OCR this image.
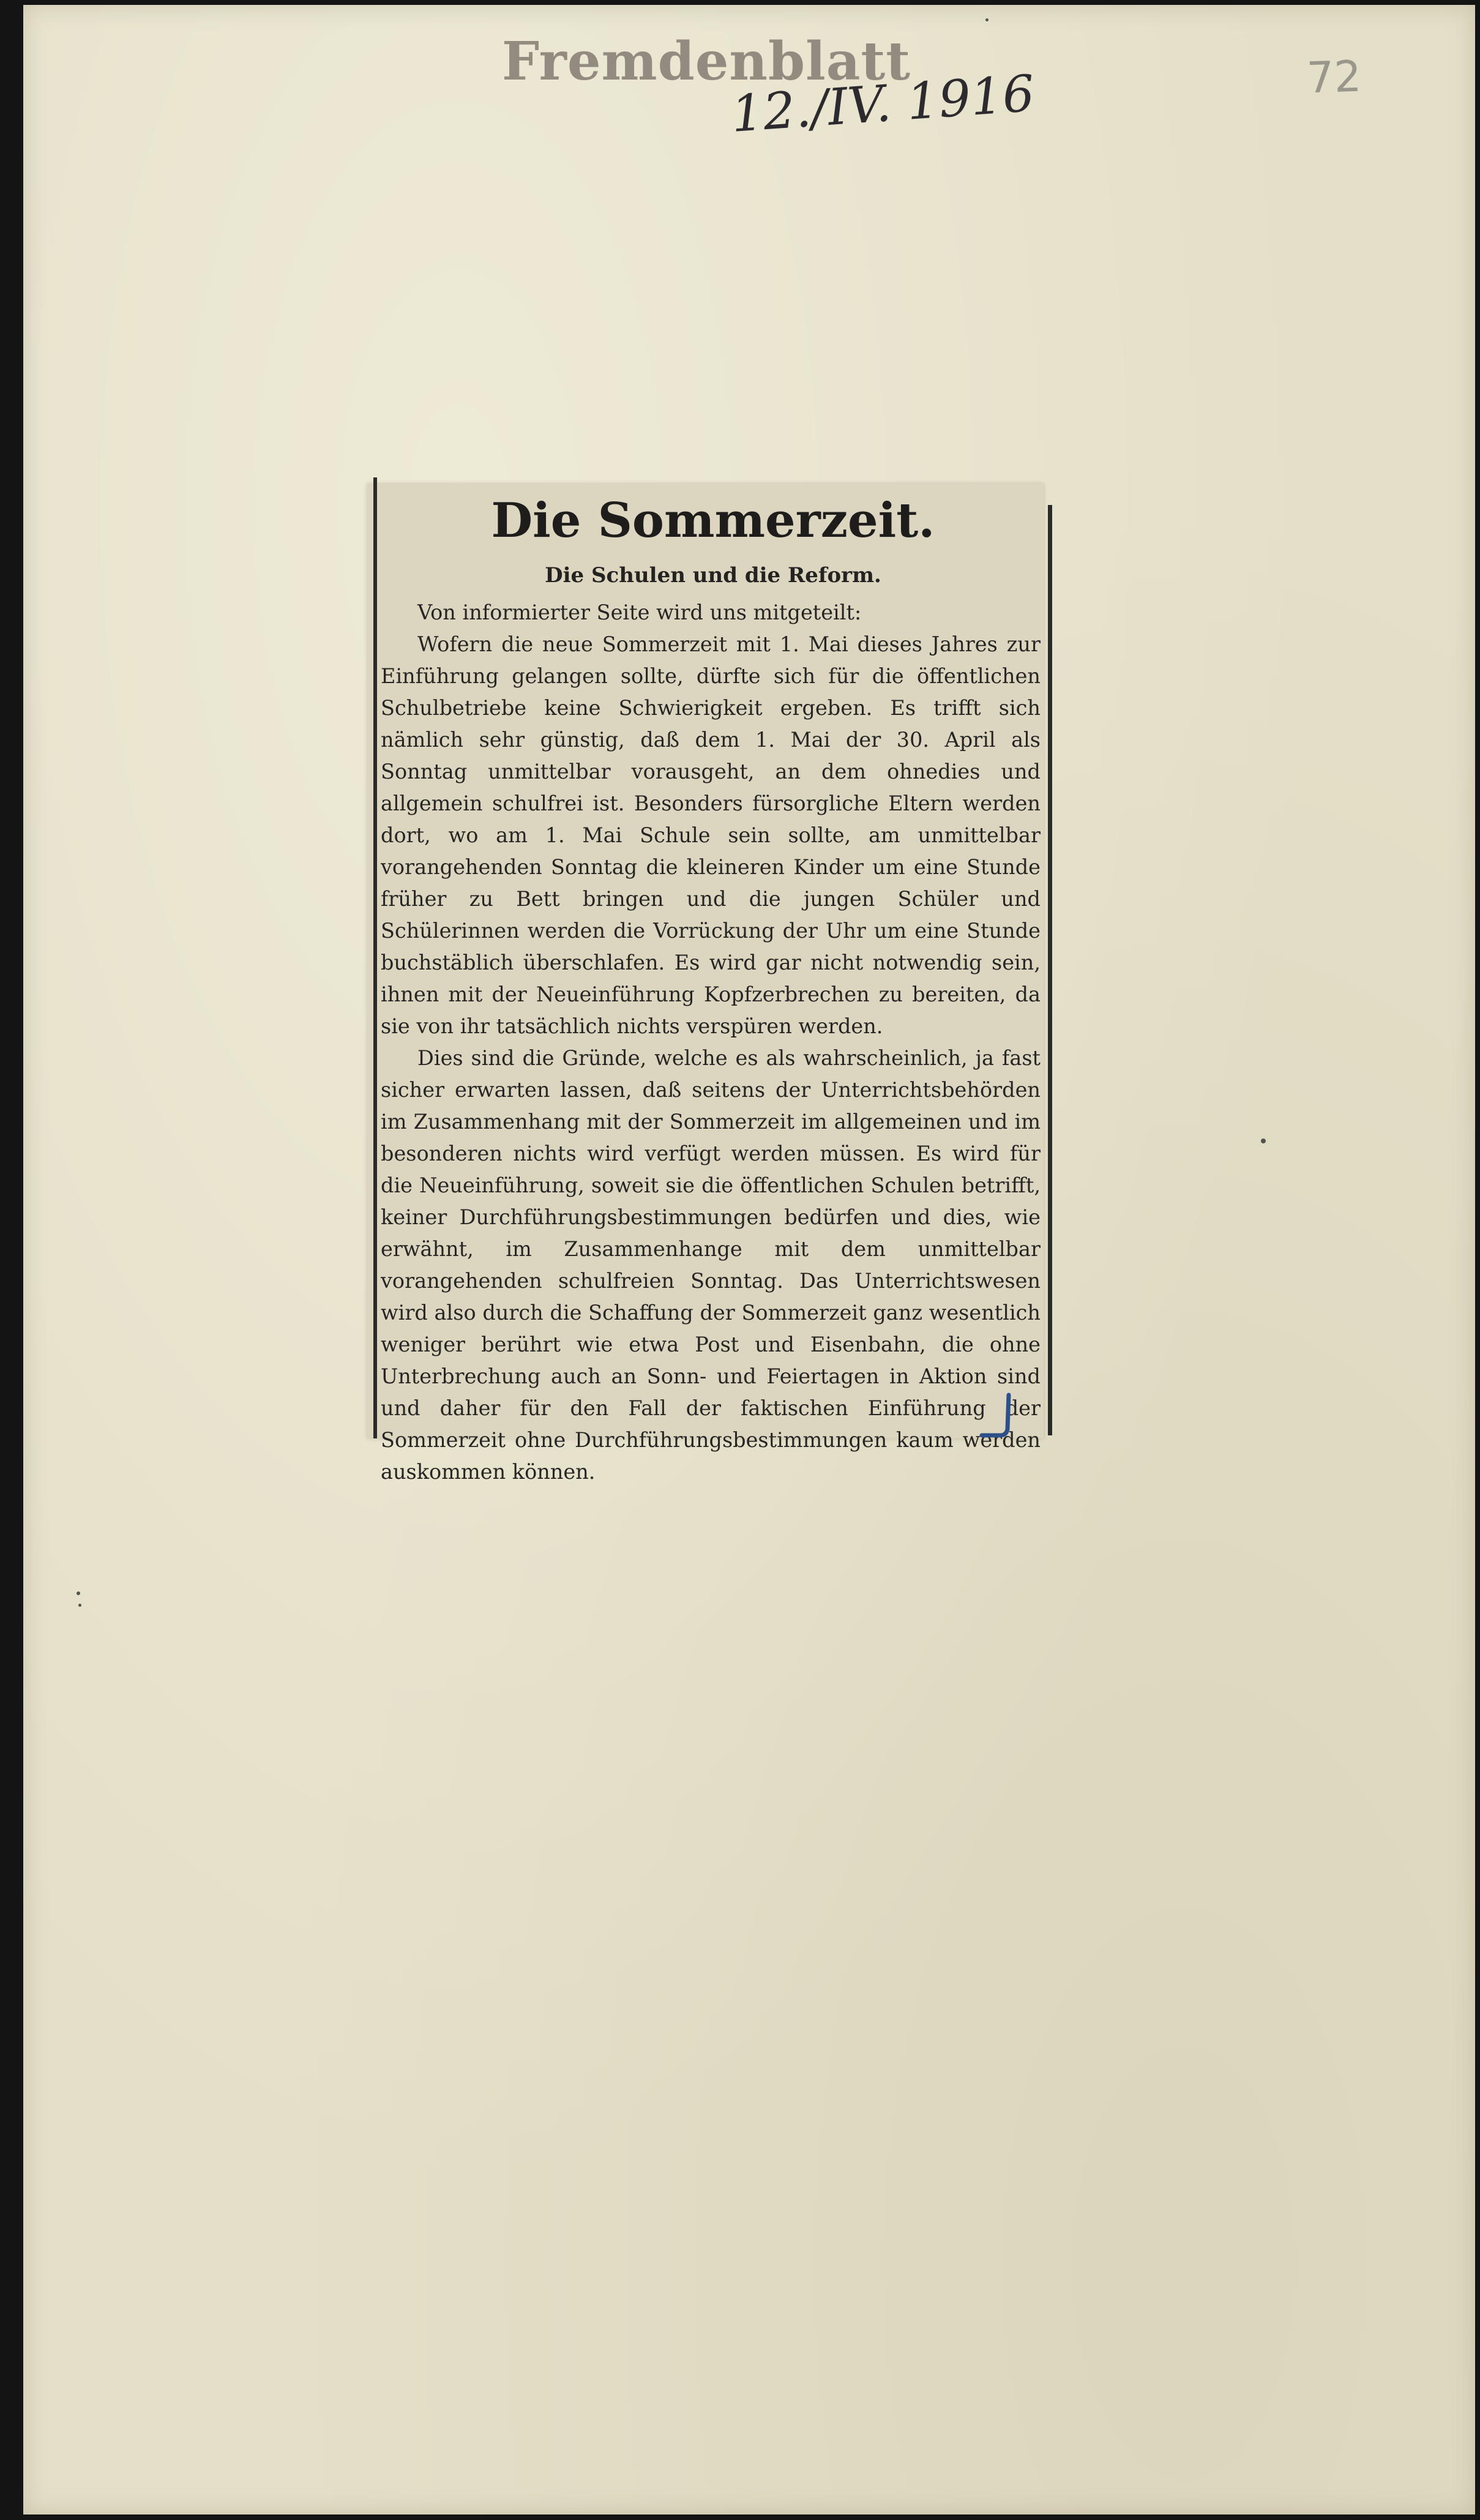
Fremdenblatt
12./IV. 1916	72
Die Sommerzeit.
Die Schulen und die Reform.

Von informierter Seite wird uns mitgeteilt:

Wofern die neue Sommerzeit mit 1. Mai dieses Jahres zur Einführung gelangen sollte, dürfte sich für die öffentlichen Schulbetriebe keine Schwierigkeit ergeben. Es trifft sich nämlich sehr günstig, daß dem 1. Mai der 30. April als Sonntag unmittelbar vorausgeht, an dem ohnedies und allgemein schulfrei ist. Besonders fürsorgliche Eltern werden dort, wo am 1. Mai Schule sein sollte, am unmittelbar vorangehenden Sonntag die kleineren Kinder um eine Stunde früher zu Bett bringen und die jungen Schüler und Schülerinnen werden die Vorrückung der Uhr um eine Stunde buchstäblich überschlafen. Es wird gar nicht notwendig sein, ihnen mit der Neueinführung Kopfzerbrechen zu bereiten, da sie von ihr tatsächlich nichts verspüren werden.

Dies sind die Gründe, welche es als wahrscheinlich, ja fast sicher erwarten lassen, daß seitens der Unterrichtsbehörden im Zusammenhang mit der Sommerzeit im allgemeinen und im besonderen nichts wird verfügt werden müssen. Es wird für die Neueinführung, soweit sie die öffentlichen Schulen betrifft, keiner Durchführungsbestimmungen bedürfen und dies, wie erwähnt, im Zusammenhange mit dem unmittelbar vorangehenden schulfreien Sonntag. Das Unterrichtswesen wird also durch die Schaffung der Sommerzeit ganz wesentlich weniger berührt wie etwa Post und Eisenbahn, die ohne Unterbrechung auch an Sonn- und Feiertagen in Aktion sind und daher für den Fall der faktischen Einführung der Sommerzeit ohne Durchführungsbestimmungen kaum werden auskommen können.
